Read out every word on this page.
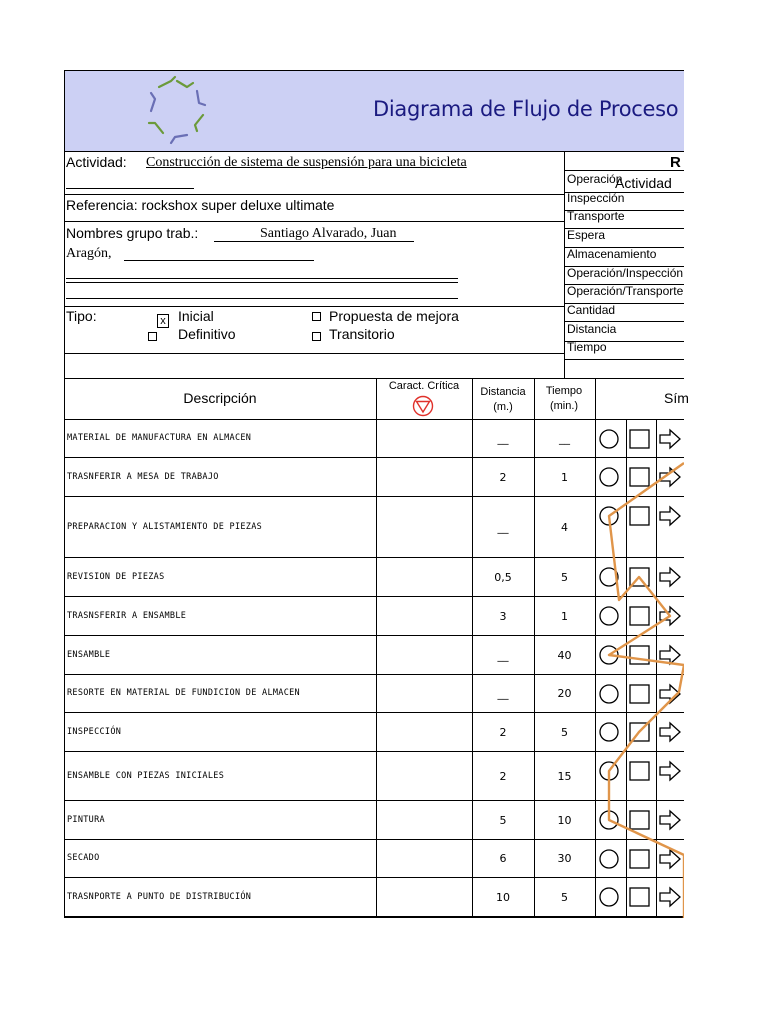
Diagrama de Flujo de Proceso
Actividad: Construcción de sistema de suspensión para una bicicleta
Referencia: rockshox super deluxe ultimate
Nombres grupo trab.:	Santiago Alvarado, Juan
Aragón,
Tipo:	x Inicial
Definitivo
Propuesta de mejora
Transitorio
R
Actividad
Operación
Inspección
Transporte
Espera
Almacenamiento
Operación/Inspección
Operación/Transporte
Cantidad
Distancia
Tiempo
Descripción
Caract. Crítica	Distancia
(m.)
Tiempo
(min.)	Sím
MATERIAL DE MANUFACTURA EN ALMACEN	__	__
TRASNFERIR A MESA DE TRABAJO	2	1
PREPARACION Y ALISTAMIENTO DE PIEZAS	__	4
REVISION DE PIEZAS	0,5	5
TRASNSFERIR A ENSAMBLE	3	1
ENSAMBLE	__	40
RESORTE EN MATERIAL DE FUNDICION DE ALMACEN	__	20
INSPECCIÓN	2	5
ENSAMBLE CON PIEZAS INICIALES	2	15
PINTURA	5	10
SECADO	6	30
TRASNPORTE A PUNTO DE DISTRIBUCIÓN	10	5
